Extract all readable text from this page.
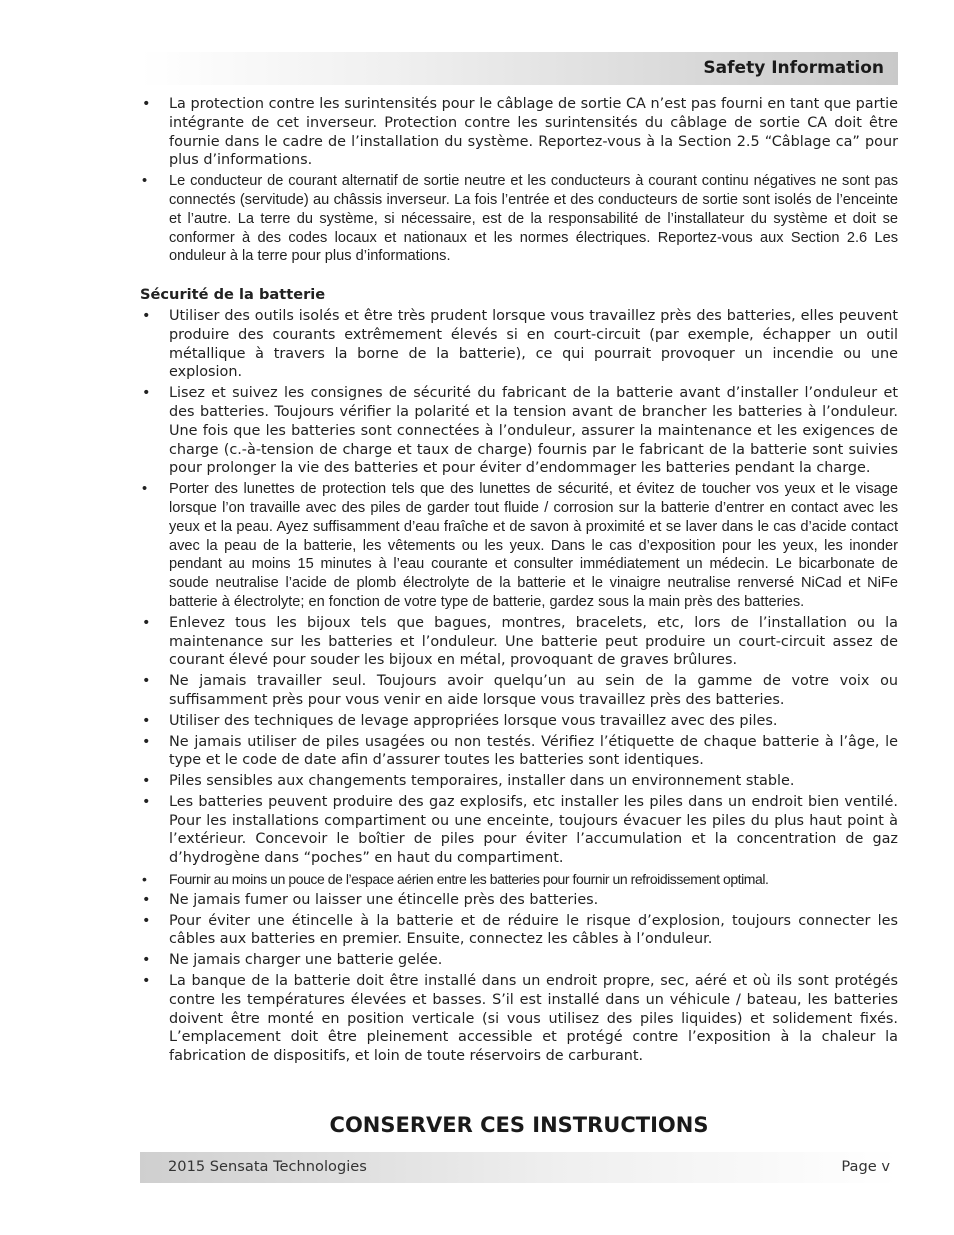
Safety Information
• La protection contre les surintensités pour le câblage de sortie CA n’est pas fourni en tant que partie intégrante de cet inverseur. Protection contre les surintensités du câblage de sortie CA doit être fournie dans le cadre de l’installation du système. Reportez-vous à la Section 2.5 “Câblage ca” pour plus d’informations.
• Le conducteur de courant alternatif de sortie neutre et les conducteurs à courant continu négatives ne sont pas connectés (servitude) au châssis inverseur. La fois l’entrée et des conducteurs de sortie sont isolés de l’enceinte et l’autre. La terre du système, si nécessaire, est de la responsabilité de l’installateur du système et doit se conformer à des codes locaux et nationaux et les normes électriques. Reportez-vous aux Section 2.6 Les onduleur à la terre pour plus d’informations.
Sécurité de la batterie
• Utiliser des outils isolés et être très prudent lorsque vous travaillez près des batteries, elles peuvent produire des courants extrêmement élevés si en court-circuit (par exemple, échapper un outil métallique à travers la borne de la batterie), ce qui pourrait provoquer un incendie ou une explosion.
• Lisez et suivez les consignes de sécurité du fabricant de la batterie avant d’installer l’onduleur et des batteries. Toujours vérifier la polarité et la tension avant de brancher les batteries à l’onduleur. Une fois que les batteries sont connectées à l’onduleur, assurer la maintenance et les exigences de charge (c.-à-tension de charge et taux de charge) fournis par le fabricant de la batterie sont suivies pour prolonger la vie des batteries et pour éviter d’endommager les batteries pendant la charge.
• Porter des lunettes de protection tels que des lunettes de sécurité, et évitez de toucher vos yeux et le visage lorsque l’on travaille avec des piles de garder tout fluide / corrosion sur la batterie d’entrer en contact avec les yeux et la peau. Ayez suffisamment d’eau fraîche et de savon à proximité et se laver dans le cas d’acide contact avec la peau de la batterie, les vêtements ou les yeux. Dans le cas d’exposition pour les yeux, les inonder pendant au moins 15 minutes à l’eau courante et consulter immédiatement un médecin. Le bicarbonate de soude neutralise l’acide de plomb électrolyte de la batterie et le vinaigre neutralise renversé NiCad et NiFe batterie à électrolyte; en fonction de votre type de batterie, gardez sous la main près des batteries.
• Enlevez tous les bijoux tels que bagues, montres, bracelets, etc, lors de l’installation ou la maintenance sur les batteries et l’onduleur. Une batterie peut produire un court-circuit assez de courant élevé pour souder les bijoux en métal, provoquant de graves brûlures.
• Ne jamais travailler seul. Toujours avoir quelqu’un au sein de la gamme de votre voix ou suffisamment près pour vous venir en aide lorsque vous travaillez près des batteries.
• Utiliser des techniques de levage appropriées lorsque vous travaillez avec des piles.
• Ne jamais utiliser de piles usagées ou non testés. Vérifiez l’étiquette de chaque batterie à l’âge, le type et le code de date afin d’assurer toutes les batteries sont identiques.
• Piles sensibles aux changements temporaires, installer dans un environnement stable.
• Les batteries peuvent produire des gaz explosifs, etc installer les piles dans un endroit bien ventilé. Pour les installations compartiment ou une enceinte, toujours évacuer les piles du plus haut point à l’extérieur. Concevoir le boîtier de piles pour éviter l’accumulation et la concentration de gaz d’hydrogène dans “poches” en haut du compartiment.
• Fournir au moins un pouce de l’espace aérien entre les batteries pour fournir un refroidissement optimal.
• Ne jamais fumer ou laisser une étincelle près des batteries.
• Pour éviter une étincelle à la batterie et de réduire le risque d’explosion, toujours connecter les câbles aux batteries en premier. Ensuite, connectez les câbles à l’onduleur.
• Ne jamais charger une batterie gelée.
• La banque de la batterie doit être installé dans un endroit propre, sec, aéré et où ils sont protégés contre les températures élevées et basses. S’il est installé dans un véhicule / bateau, les batteries doivent être monté en position verticale (si vous utilisez des piles liquides) et solidement fixés. L’emplacement doit être pleinement accessible et protégé contre l’exposition à la chaleur la fabrication de dispositifs, et loin de toute réservoirs de carburant.
CONSERVER CES INSTRUCTIONS
2015 Sensata Technologies	Page v
